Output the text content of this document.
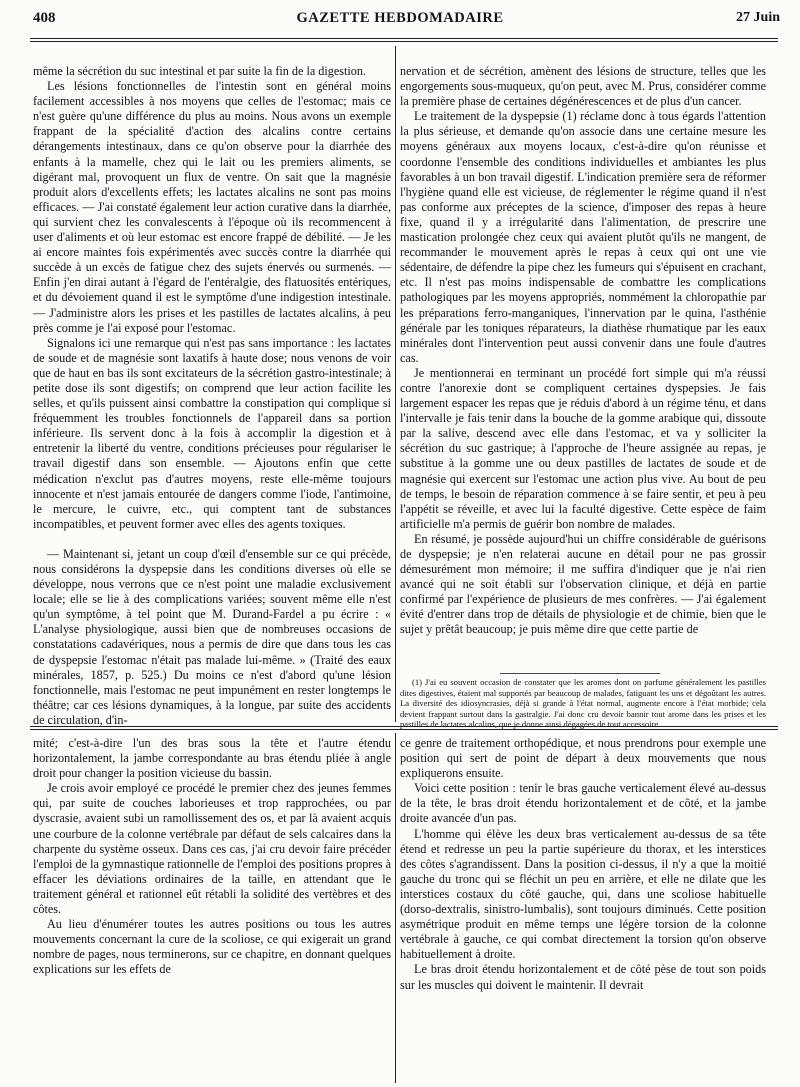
408	GAZETTE HEBDOMADAIRE	27 Juin

même la sécrétion du suc intestinal et par suite la fin de la digestion.

Les lésions fonctionnelles de l'intestin sont en général moins facilement accessibles à nos moyens que celles de l'estomac; mais ce n'est guère qu'une différence du plus au moins. Nous avons un exemple frappant de la spécialité d'action des alcalins contre certains dérangements intestinaux, dans ce qu'on observe pour la diarrhée des enfants à la mamelle, chez qui le lait ou les premiers aliments, se digérant mal, provoquent un flux de ventre. On sait que la magnésie produit alors d'excellents effets; les lactates alcalins ne sont pas moins efficaces. — J'ai constaté également leur action curative dans la diarrhée, qui survient chez les convalescents à l'époque où ils recommencent à user d'aliments et où leur estomac est encore frappé de débilité. — Je les ai encore maintes fois expérimentés avec succès contre la diarrhée qui succède à un excès de fatigue chez des sujets énervés ou surmenés. — Enfin j'en dirai autant à l'égard de l'entéralgie, des flatuosités entériques, et du dévoiement quand il est le symptôme d'une indigestion intestinale. — J'administre alors les prises et les pastilles de lactates alcalins, à peu près comme je l'ai exposé pour l'estomac.

Signalons ici une remarque qui n'est pas sans importance : les lactates de soude et de magnésie sont laxatifs à haute dose; nous venons de voir que de haut en bas ils sont excitateurs de la sécrétion gastro-intestinale; à petite dose ils sont digestifs; on comprend que leur action facilite les selles, et qu'ils puissent ainsi combattre la constipation qui complique si fréquemment les troubles fonctionnels de l'appareil dans sa portion inférieure. Ils servent donc à la fois à accomplir la digestion et à entretenir la liberté du ventre, conditions précieuses pour régulariser le travail digestif dans son ensemble. — Ajoutons enfin que cette médication n'exclut pas d'autres moyens, reste elle-même toujours innocente et n'est jamais entourée de dangers comme l'iode, l'antimoine, le mercure, le cuivre, etc., qui comptent tant de substances incompatibles, et peuvent former avec elles des agents toxiques.

— Maintenant si, jetant un coup d'œil d'ensemble sur ce qui précède, nous considérons la dyspepsie dans les conditions diverses où elle se développe, nous verrons que ce n'est point une maladie exclusivement locale; elle se lie à des complications variées; souvent même elle n'est qu'un symptôme, à tel point que M. Durand-Fardel a pu écrire : « L'analyse physiologique, aussi bien que de nombreuses occasions de constatations cadavériques, nous a permis de dire que dans tous les cas de dyspepsie l'estomac n'était pas malade lui-même. » (Traité des eaux minérales, 1857, p. 525.) Du moins ce n'est d'abord qu'une lésion fonctionnelle, mais l'estomac ne peut impunément en rester longtemps le théâtre; car ces lésions dynamiques, à la longue, par suite des accidents de circulation, d'in-

nervation et de sécrétion, amènent des lésions de structure, telles que les engorgements sous-muqueux, qu'on peut, avec M. Prus, considérer comme la première phase de certaines dégénérescences et de plus d'un cancer.

Le traitement de la dyspepsie (1) réclame donc à tous égards l'attention la plus sérieuse, et demande qu'on associe dans une certaine mesure les moyens généraux aux moyens locaux, c'est-à-dire qu'on réunisse et coordonne l'ensemble des conditions individuelles et ambiantes les plus favorables à un bon travail digestif. L'indication première sera de réformer l'hygiène quand elle est vicieuse, de réglementer le régime quand il n'est pas conforme aux préceptes de la science, d'imposer des repas à heure fixe, quand il y a irrégularité dans l'alimentation, de prescrire une mastication prolongée chez ceux qui avaient plutôt qu'ils ne mangent, de recommander le mouvement après le repas à ceux qui ont une vie sédentaire, de défendre la pipe chez les fumeurs qui s'épuisent en crachant, etc. Il n'est pas moins indispensable de combattre les complications pathologiques par les moyens appropriés, nommément la chloropathie par les préparations ferro-manganiques, l'innervation par le quina, l'asthénie générale par les toniques réparateurs, la diathèse rhumatique par les eaux minérales dont l'intervention peut aussi convenir dans une foule d'autres cas.

Je mentionnerai en terminant un procédé fort simple qui m'a réussi contre l'anorexie dont se compliquent certaines dyspepsies. Je fais largement espacer les repas que je réduis d'abord à un régime ténu, et dans l'intervalle je fais tenir dans la bouche de la gomme arabique qui, dissoute par la salive, descend avec elle dans l'estomac, et va y solliciter la sécrétion du suc gastrique; à l'approche de l'heure assignée au repas, je substitue à la gomme une ou deux pastilles de lactates de soude et de magnésie qui exercent sur l'estomac une action plus vive. Au bout de peu de temps, le besoin de réparation commence à se faire sentir, et peu à peu l'appétit se réveille, et avec lui la faculté digestive. Cette espèce de faim artificielle m'a permis de guérir bon nombre de malades.

En résumé, je possède aujourd'hui un chiffre considérable de guérisons de dyspepsie; je n'en relaterai aucune en détail pour ne pas grossir démesurément mon mémoire; il me suffira d'indiquer que je n'ai rien avancé qui ne soit établi sur l'observation clinique, et déjà en partie confirmé par l'expérience de plusieurs de mes confrères. — J'ai également évité d'entrer dans trop de détails de physiologie et de chimie, bien que le sujet y prêtât beaucoup; je puis même dire que cette partie de

(1) J'ai eu souvent occasion de constater que les aromes dont on parfume généralement les pastilles dites digestives, étaient mal supportés par beaucoup de malades, fatiguant les uns et dégoûtant les autres. La diversité des idiosyncrasies, déjà si grande à l'état normal, augmente encore à l'état morbide; cela devient frappant surtout dans la gastralgie. J'ai donc cru devoir bannir tout arome dans les prises et les pastilles de lactates alcalins, que je donne ainsi dégagées de tout accessoire.

mité; c'est-à-dire l'un des bras sous la tête et l'autre étendu horizontalement, la jambe correspondante au bras étendu pliée à angle droit pour changer la position vicieuse du bassin.

Je crois avoir employé ce procédé le premier chez des jeunes femmes qui, par suite de couches laborieuses et trop rapprochées, ou par dyscrasie, avaient subi un ramollissement des os, et par là avaient acquis une courbure de la colonne vertébrale par défaut de sels calcaires dans la charpente du système osseux. Dans ces cas, j'ai cru devoir faire précéder l'emploi de la gymnastique rationnelle de l'emploi des positions propres à effacer les déviations ordinaires de la taille, en attendant que le traitement général et rationnel eût rétabli la solidité des vertèbres et des côtes.

Au lieu d'énumérer toutes les autres positions ou tous les autres mouvements concernant la cure de la scoliose, ce qui exigerait un grand nombre de pages, nous terminerons, sur ce chapitre, en donnant quelques explications sur les effets de

ce genre de traitement orthopédique, et nous prendrons pour exemple une position qui sert de point de départ à deux mouvements que nous expliquerons ensuite.

Voici cette position : tenir le bras gauche verticalement élevé au-dessus de la tête, le bras droit étendu horizontalement et de côté, et la jambe droite avancée d'un pas.

L'homme qui élève les deux bras verticalement au-dessus de sa tête étend et redresse un peu la partie supérieure du thorax, et les interstices des côtes s'agrandissent. Dans la position ci-dessus, il n'y a que la moitié gauche du tronc qui se fléchit un peu en arrière, et elle ne dilate que les interstices costaux du côté gauche, qui, dans une scoliose habituelle (dorso-dextralis, sinistro-lumbalis), sont toujours diminués. Cette position asymétrique produit en même temps une légère torsion de la colonne vertébrale à gauche, ce qui combat directement la torsion qu'on observe habituellement à droite.

Le bras droit étendu horizontalement et de côté pèse de tout son poids sur les muscles qui doivent le maintenir. Il devrait
